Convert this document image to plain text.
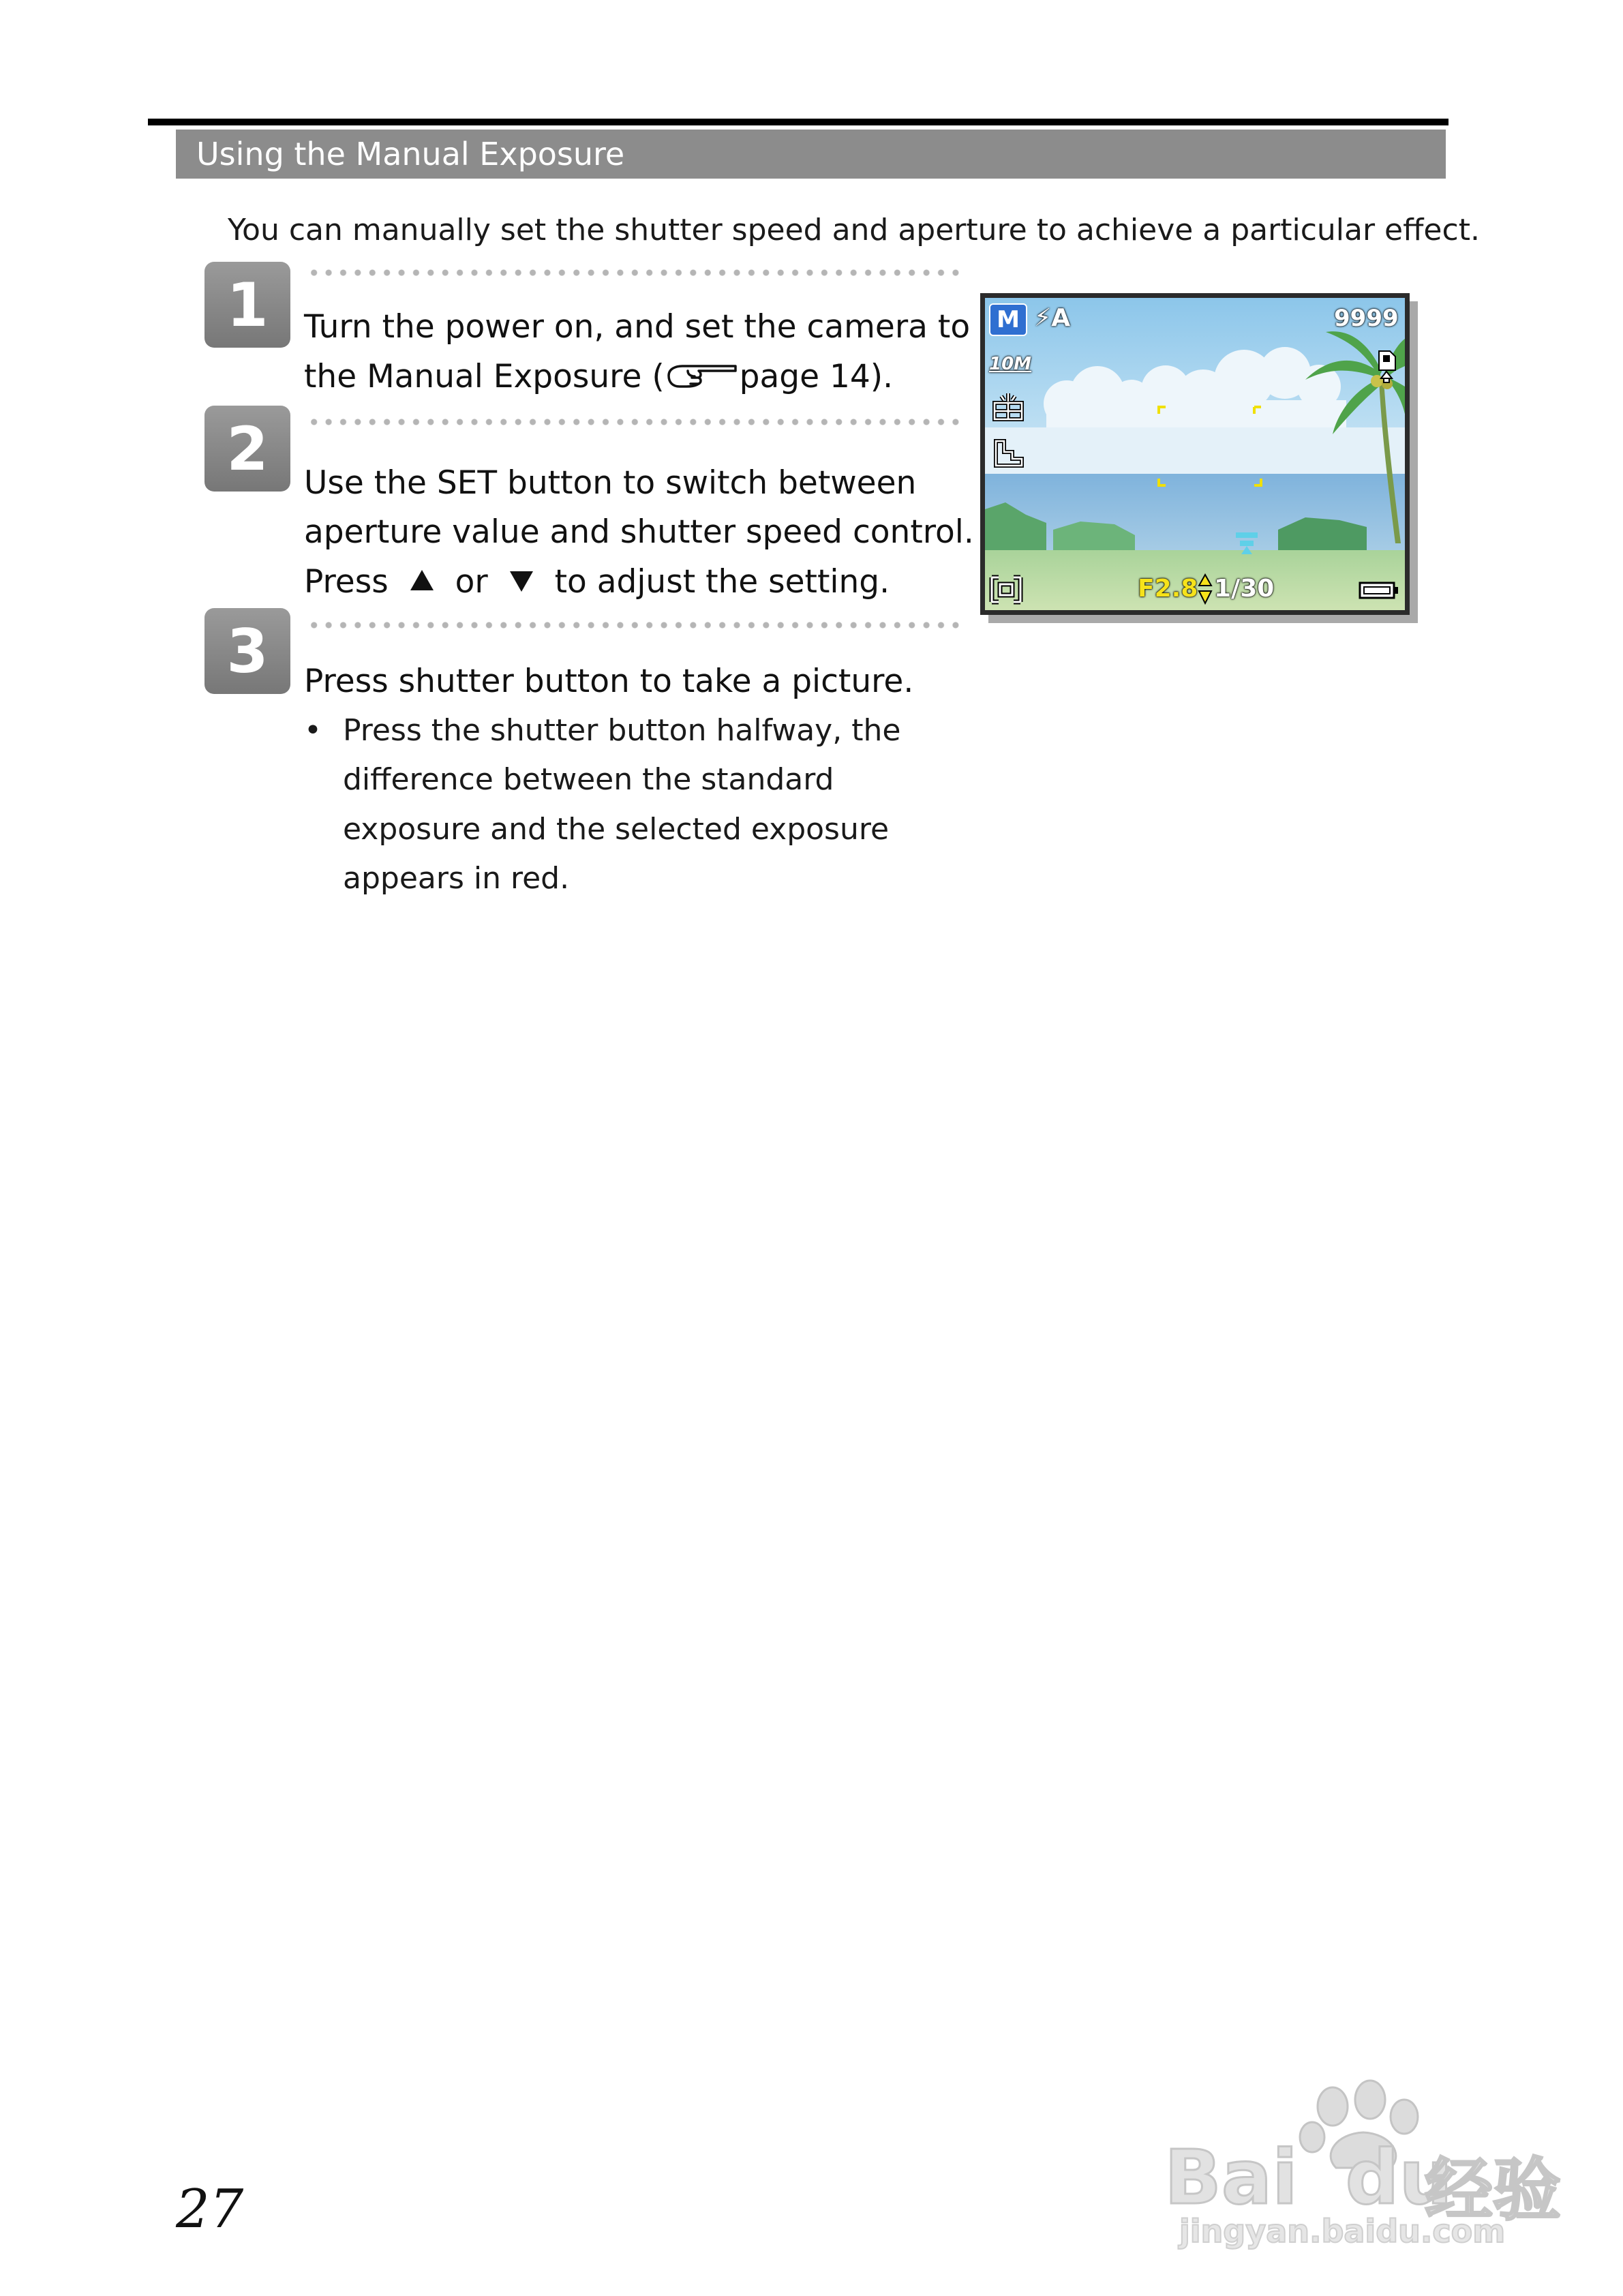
Using the Manual Exposure
You can manually set the shutter speed and aperture to achieve a particular effect.
1	Turn the power on, and set the camera to
the Manual Exposure ( page 14).
2	Use the SET button to switch between
aperture value and shutter speed control.
Press or to adjust the setting.
3	Press shutter button to take a picture.
• Press the shutter button halfway, the
difference between the standard
exposure and the selected exposure
appears in red.
M ⚡A	9999
10M
F2.8 1/30
27	Bai du
经验
jingyan.baidu.com
